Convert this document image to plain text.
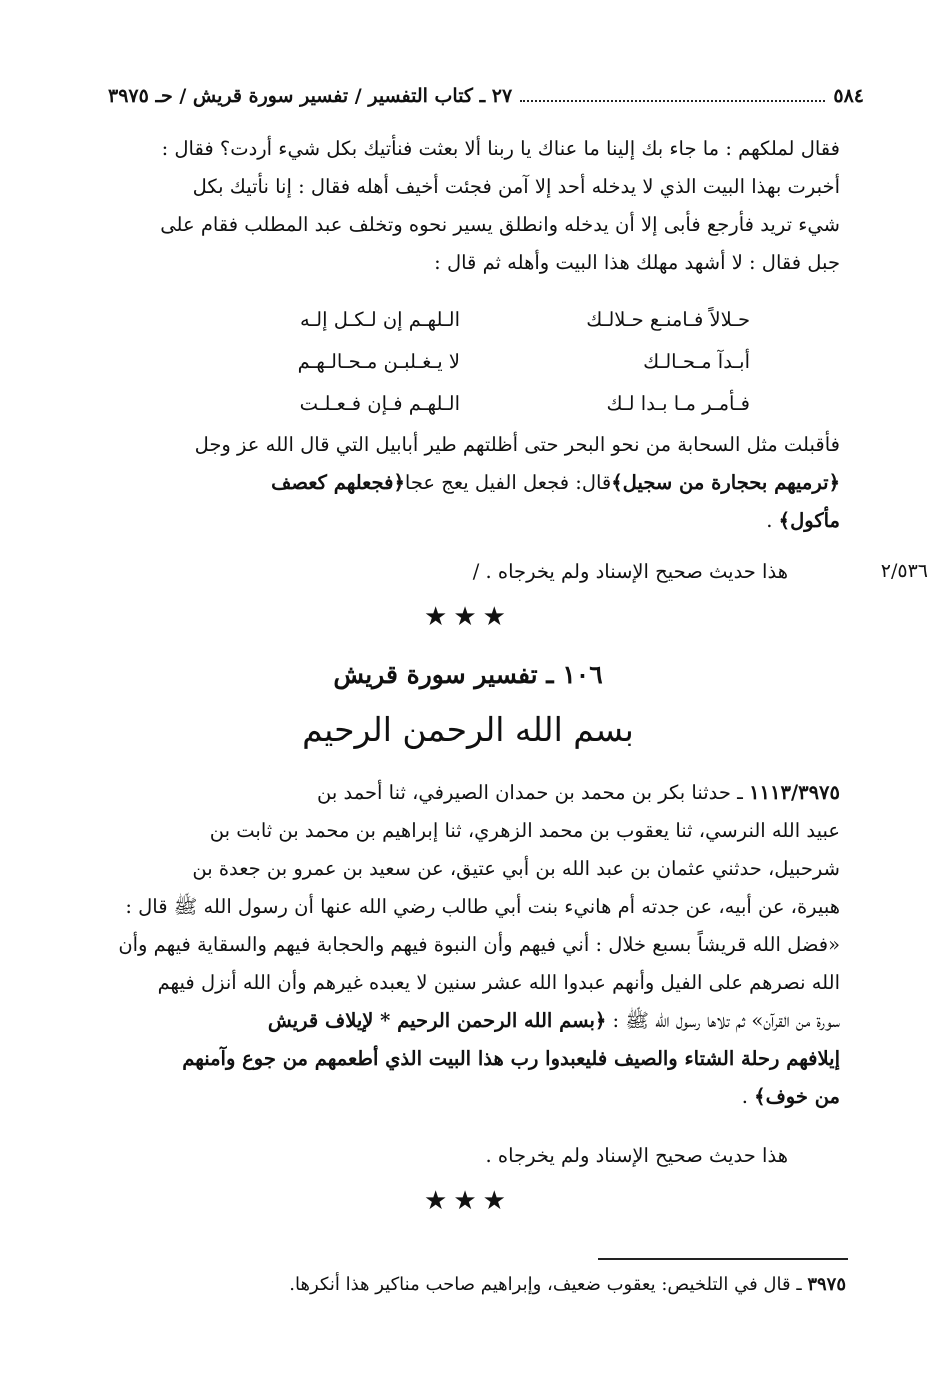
٥٨٤
٢٧ ـ كتاب التفسير / تفسير سورة قريش / حـ ٣٩٧٥

فقال لملكهم : ما جاء بك إلينا ما عناك يا ربنا ألا بعثت فنأتيك بكل شيء أردت؟ فقال :

أخبرت بهذا البيت الذي لا يدخله أحد إلا آمن فجئت أخيف أهله فقال : إنا نأتيك بكل

شيء تريد فأرجع فأبى إلا أن يدخله وانطلق يسير نحوه وتخلف عبد المطلب فقام على

جبل فقال : لا أشهد مهلك هذا البيت وأهله ثم قال :

الـلهـم إن لـكـل إلـه	حـلالاً فـامنـع حـلالـك
لا يـغـلبـن مـحـالـهـم	أبـدآ مـحـالـك
الـلهـم فـإن فـعـلـت	فـأمـر مـا بـدا لـك

فأقبلت مثل السحابة من نحو البحر حتى أظلتهم طير أبابيل التي قال الله عز وجل

﴿ترميهم بحجارة من سجيل﴾قال: فجعل الفيل يعج عجا﴿فجعلهم كعصف

مأكول﴾ .

٢/٥٣٦
هذا حديث صحيح الإسناد ولم يخرجاه . /
★★★
١٠٦ ـ تفسير سورة قريش
بسم الله الرحمن الرحيم

١١١٣/٣٩٧٥ ـ حدثنا بكر بن محمد بن حمدان الصيرفي، ثنا أحمد بن

عبيد الله النرسي، ثنا يعقوب بن محمد الزهري، ثنا إبراهيم بن محمد بن ثابت بن

شرحبيل، حدثني عثمان بن عبد الله بن أبي عتيق، عن سعيد بن عمرو بن جعدة بن

هبيرة، عن أبيه، عن جدته أم هانيء بنت أبي طالب رضي الله عنها أن رسول الله ﷺ قال :

«فضل الله قريشاً بسبع خلال : أني فيهم وأن النبوة فيهم والحجابة فيهم والسقاية فيهم وأن

الله نصرهم على الفيل وأنهم عبدوا الله عشر سنين لا يعبده غيرهم وأن الله أنزل فيهم

سورة من القرآن» ثم تلاها رسول الله ﷺ : ﴿بسم الله الرحمن الرحيم * لإيلاف قريش

إيلافهم رحلة الشتاء والصيف فليعبدوا رب هذا البيت الذي أطعمهم من جوع وآمنهم

من خوف﴾ .

هذا حديث صحيح الإسناد ولم يخرجاه .
★★★
٣٩٧٥ ـ قال في التلخيص: يعقوب ضعيف، وإبراهيم صاحب مناكير هذا أنكرها.
